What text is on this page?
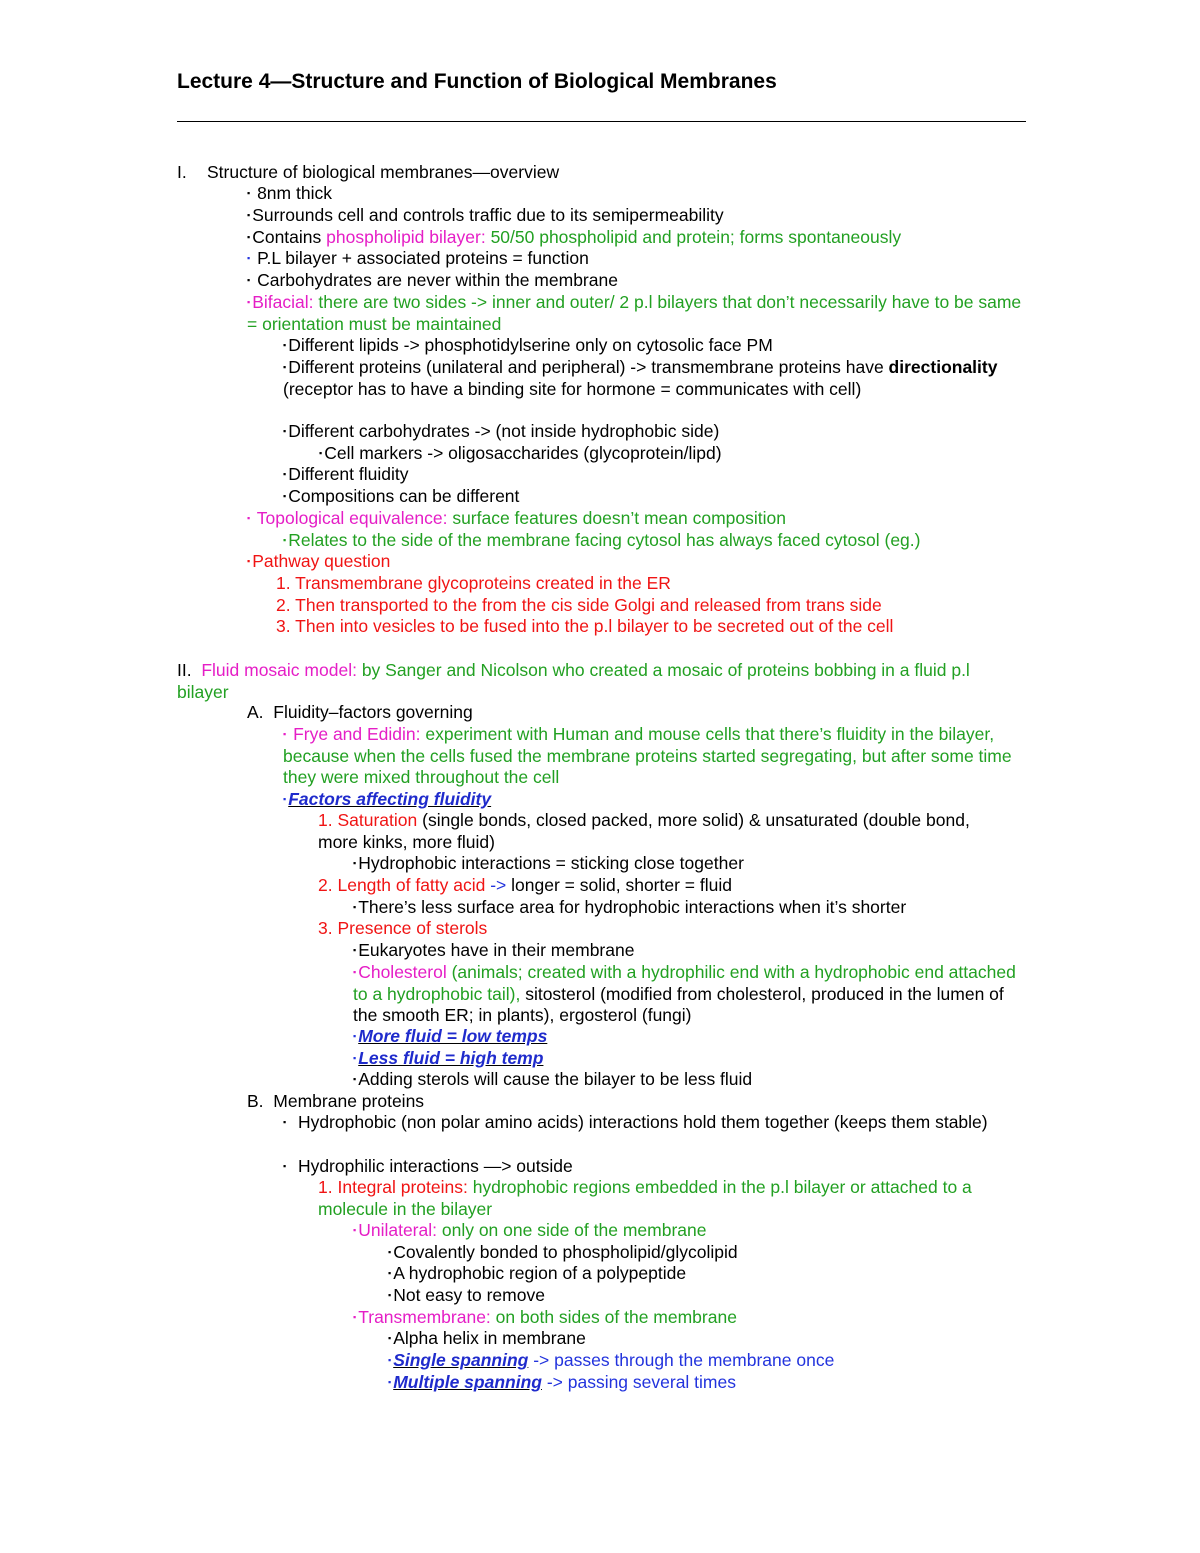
Lecture 4—Structure and Function of Biological Membranes
I. Structure of biological membranes—overview
▪ 8nm thick
▪ Surrounds cell and controls traffic due to its semipermeability
▪ Contains phospholipid bilayer: 50/50 phospholipid and protein; forms spontaneously
▪ P.L bilayer + associated proteins = function
▪ Carbohydrates are never within the membrane
▪ Bifacial: there are two sides -> inner and outer/ 2 p.l bilayers that don’t necessarily have to be same = orientation must be maintained
▪ Different lipids -> phosphotidylserine only on cytosolic face PM
▪ Different proteins (unilateral and peripheral) -> transmembrane proteins have directionality  (receptor has to have a binding site for hormone = communicates with cell)
▪ Different carbohydrates -> (not inside hydrophobic side)
▪ Cell markers -> oligosaccharides (glycoprotein/lipd)
▪ Different fluidity
▪ Compositions can be different
▪ Topological equivalence: surface features doesn’t mean composition
▪ Relates to the side of the membrane facing cytosol has always faced cytosol (eg.)
▪ Pathway question
1. Transmembrane glycoproteins created in the ER
2. Then transported to the from the cis side Golgi and released from trans side
3. Then into vesicles to be fused into the p.l bilayer to be secreted out of the cell
II. Fluid mosaic model: by Sanger and Nicolson who created a mosaic of proteins bobbing in a fluid p.l bilayer
A. Fluidity–factors governing
▪ Frye and Edidin: experiment with Human and mouse cells that there’s fluidity in the bilayer, because when the cells fused the membrane proteins started segregating, but after some time they were mixed throughout the cell
▪ Factors affecting fluidity
1. Saturation (single bonds, closed packed, more solid) & unsaturated (double bond, more kinks, more fluid)
▪ Hydrophobic interactions = sticking close together
2. Length of fatty acid -> longer = solid, shorter = fluid
▪ There’s less surface area for hydrophobic interactions when it’s shorter
3. Presence of sterols
▪ Eukaryotes have in their membrane
▪ Cholesterol (animals; created with a hydrophilic end with a hydrophobic end attached to a hydrophobic tail), sitosterol (modified from cholesterol, produced in the lumen of the smooth ER; in plants), ergosterol (fungi)
▪ More fluid = low temps
▪ Less fluid = high temp
▪ Adding sterols will cause the bilayer to be less fluid
B. Membrane proteins
▪ Hydrophobic (non polar amino acids) interactions hold them together (keeps them stable)
▪ Hydrophilic interactions —> outside
1. Integral proteins: hydrophobic regions embedded in the p.l bilayer or attached to a molecule in the bilayer
▪ Unilateral: only on one side of the membrane
▪ Covalently bonded to phospholipid/glycolipid
▪ A hydrophobic region of a polypeptide
▪ Not easy to remove
▪ Transmembrane: on both sides of the membrane
▪ Alpha helix in membrane
▪ Single spanning -> passes through the membrane once
▪ Multiple spanning -> passing several times
